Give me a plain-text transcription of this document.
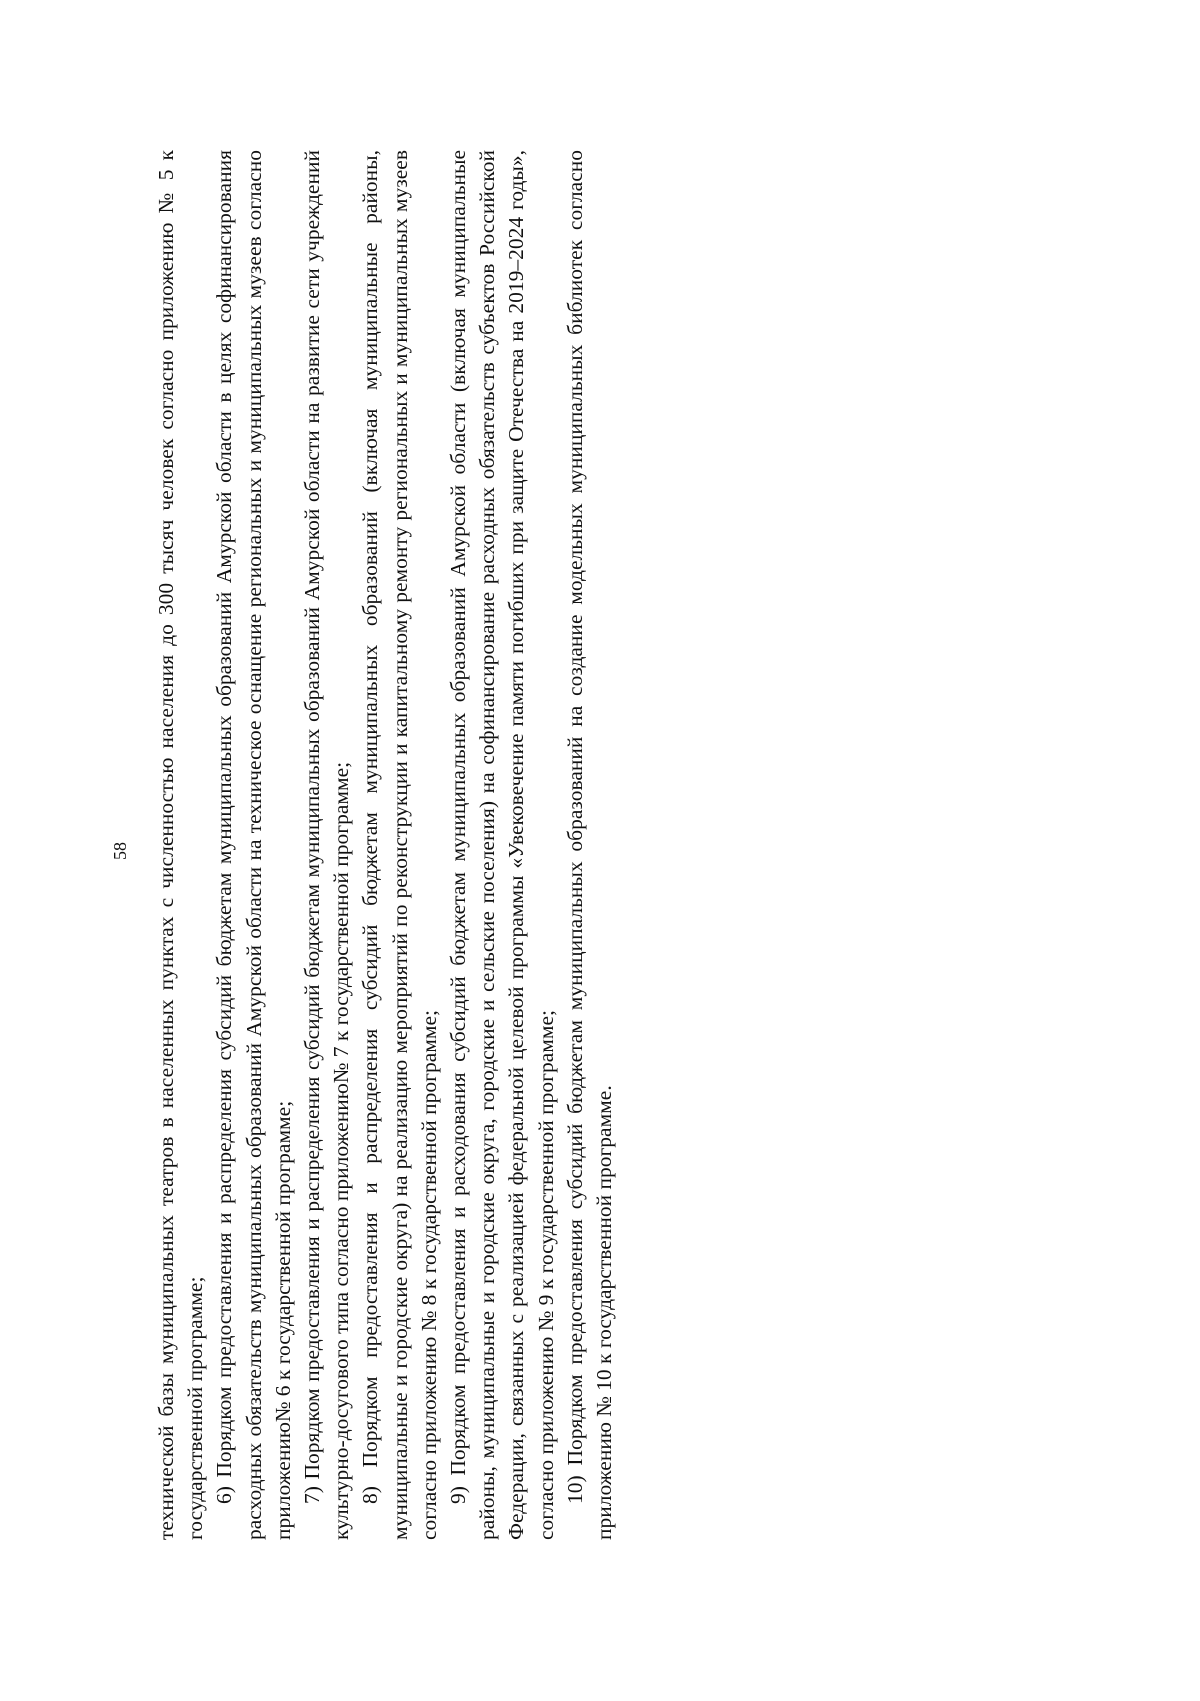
58 технической базы муниципальных театров в населенных пунктах с численностью населения до 300 тысяч человек согласно приложению № 5 к государственной программе; 6) Порядком предоставления и распределения субсидий бюджетам муниципальных образований Амурской области в целях софинансирования расходных обязательств муниципальных образований Амурской области на техническое оснащение региональных и муниципальных музеев согласно приложению№ 6 к государственной программе; 7) Порядком предоставления и распределения субсидий бюджетам муниципальных образований Амурской области на развитие сети учреждений культурно-досугового типа согласно приложению№ 7 к государственной программе; 8) Порядком предоставления и распределения субсидий бюджетам муниципальных образований (включая муниципальные районы, муниципальные и городские округа) на реализацию мероприятий по реконструкции и капитальному ремонту региональных и муниципальных музеев согласно приложению № 8 к государственной программе; 9) Порядком предоставления и расходования субсидий бюджетам муниципальных образований Амурской области (включая муниципальные районы, муниципальные и городские округа, городские и сельские поселения) на софинансирование расходных обязательств субъектов Российской Федерации, связанных с реализацией федеральной целевой программы «Увековечение памяти погибших при защите Отечества на 2019–2024 годы», согласно приложению № 9 к государственной программе; 10) Порядком предоставления субсидий бюджетам муниципальных образований на создание модельных муниципальных библиотек согласно приложению № 10 к государственной программе.
